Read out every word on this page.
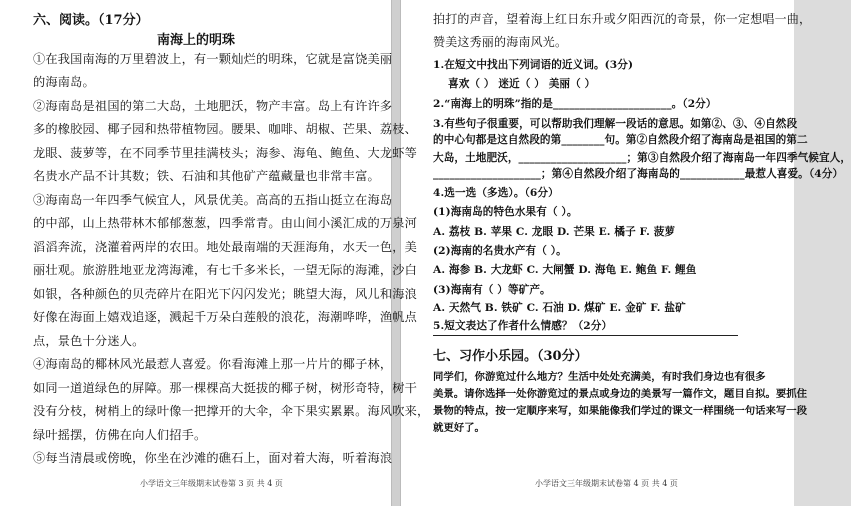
六、阅读。（17分）
南海上的明珠
①在我国南海的万里碧波上，有一颗灿烂的明珠，它就是富饶美丽
的海南岛。
②海南岛是祖国的第二大岛，土地肥沃，物产丰富。岛上有许许多
多的橡胶园、椰子园和热带植物园。腰果、咖啡、胡椒、芒果、荔枝、
龙眼、菠萝等，在不同季节里挂满枝头；海参、海龟、鲍鱼、大龙虾等
名贵水产品不计其数；铁、石油和其他矿产蕴藏量也非常丰富。
③海南岛一年四季气候宜人，风景优美。高高的五指山挺立在海岛
的中部，山上热带林木郁郁葱葱，四季常青。由山间小溪汇成的万泉河
滔滔奔流，浇灌着两岸的农田。地处最南端的天涯海角，水天一色，美
丽壮观。旅游胜地亚龙湾海滩，有七千多米长，一望无际的海滩，沙白
如银，各种颜色的贝壳碎片在阳光下闪闪发光；眺望大海，风儿和海浪
好像在海面上嬉戏追逐，溅起千万朵白莲般的浪花，海潮哗哗，渔帆点
点，景色十分迷人。
④海南岛的椰林风光最惹人喜爱。你看海滩上那一片片的椰子林，
如同一道道绿色的屏障。那一棵棵高大挺拔的椰子树，树形奇特，树干
没有分枝，树梢上的绿叶像一把撑开的大伞，伞下果实累累。海风吹来，
绿叶摇摆，仿佛在向人们招手。
⑤每当清晨或傍晚，你坐在沙滩的礁石上，面对着大海，听着海浪
小学语文三年级期末试卷第 3 页 共 4 页
拍打的声音，望着海上红日东升或夕阳西沉的奇景，你一定想唱一曲，
赞美这秀丽的海南风光。
1.在短文中找出下列词语的近义词。(3分)
喜欢（ ） 迷近（ ） 美丽（ ）
2.“南海上的明珠”指的是______________________。（2分）
3.有些句子很重要，可以帮助我们理解一段话的意思。如第②、③、④自然段
的中心句都是这自然段的第________句。第②自然段介绍了海南岛是祖国的第二
大岛，土地肥沃，____________________；第③自然段介绍了海南岛一年四季气候宜人，
____________________；第④自然段介绍了海南岛的____________最惹人喜爱。（4分）
4.选一选（多选）。（6分）
(1)海南岛的特色水果有（ ）。
A. 荔枝 B. 苹果 C. 龙眼 D. 芒果 E. 橘子 F. 菠萝
(2)海南的名贵水产有（ ）。
A. 海参 B. 大龙虾 C. 大闸蟹 D. 海龟 E. 鲍鱼 F. 鲤鱼
(3)海南有（ ）等矿产。
A. 天然气 B. 铁矿 C. 石油 D. 煤矿 E. 金矿 F. 盐矿
5.短文表达了作者什么情感？（2分）
七、习作小乐园。（30分）
同学们，你游览过什么地方？生活中处处充满美，有时我们身边也有很多
美景。请你选择一处你游览过的景点或身边的美景写一篇作文，题目自拟。要抓住
景物的特点，按一定顺序来写，如果能像我们学过的课文一样围绕一句话来写一段
就更好了。
小学语文三年级期末试卷第 4 页 共 4 页
